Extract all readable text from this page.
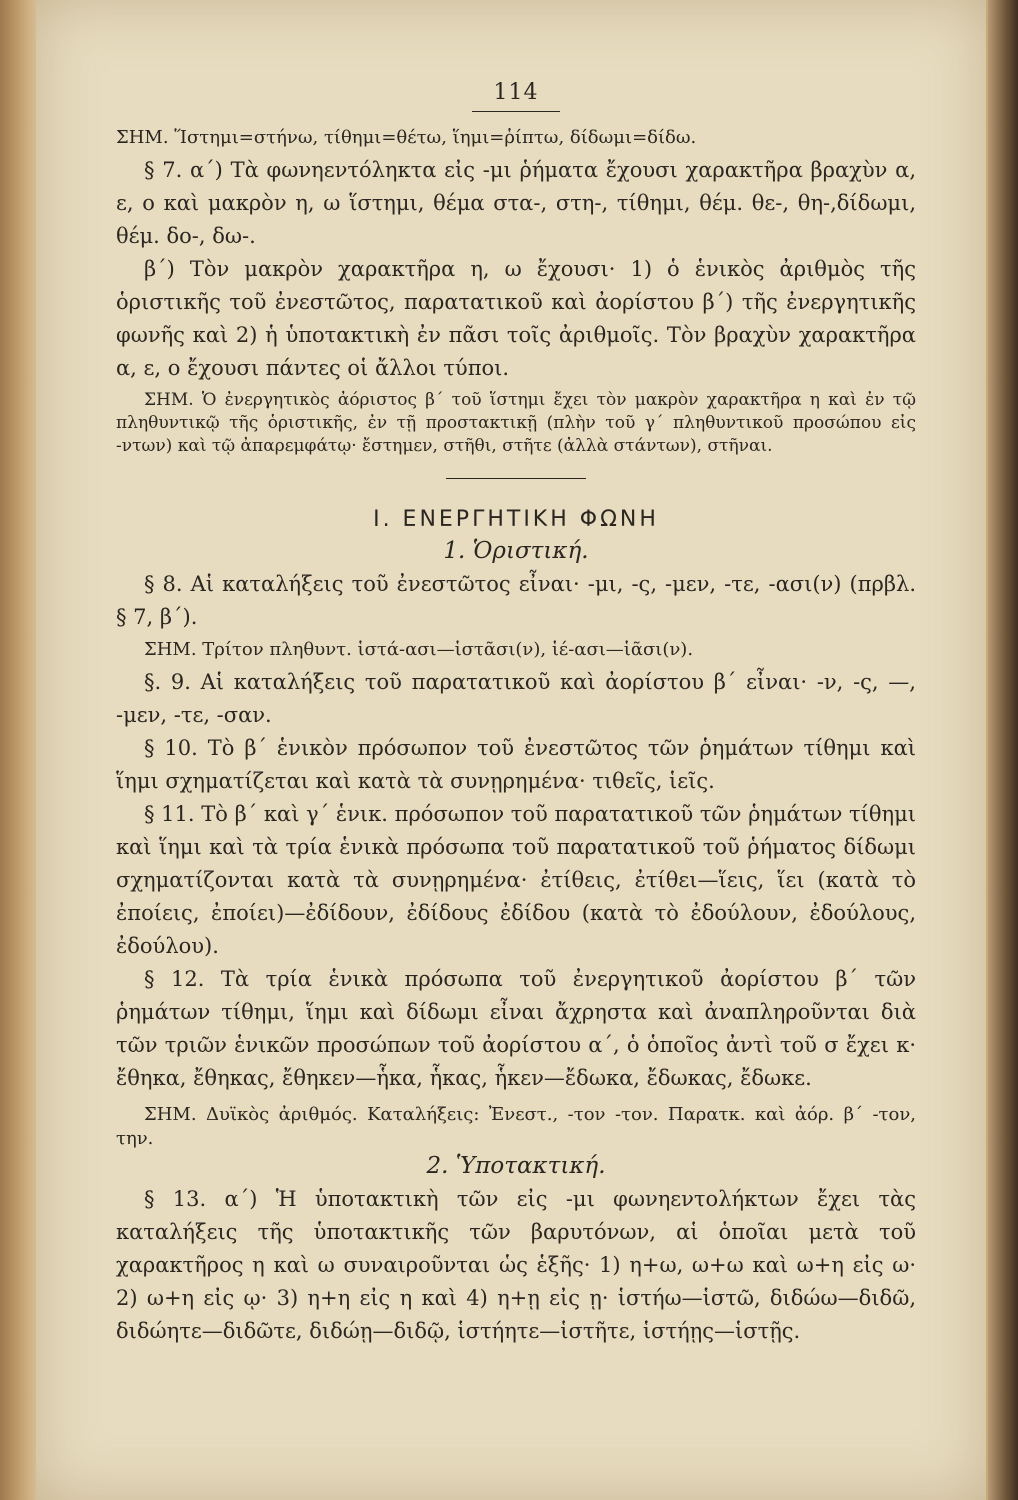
114

ΣΗΜ. Ἵστημι=στήνω, τίθημι=θέτω, ἵημι=ῥίπτω, δίδωμι=δίδω.

§ 7. α΄) Τὰ φωνηεντόληκτα εἰς -μι ῥήματα ἔχουσι χαρακτῆρα βραχὺν α, ε, ο καὶ μακρὸν η, ω ἵστημι, θέμα στα-, στη-, τίθημι, θέμ. θε-, θη-,δίδωμι, θέμ. δο-, δω-.

β΄) Τὸν μακρὸν χαρακτῆρα η, ω ἔχουσι· 1) ὁ ἑνικὸς ἀριθμὸς τῆς ὁριστικῆς τοῦ ἐνεστῶτος, παρατατικοῦ καὶ ἀορίστου β΄) τῆς ἐνεργητικῆς φωνῆς καὶ 2) ἡ ὑποτακτικὴ ἐν πᾶσι τοῖς ἀριθμοῖς. Τὸν βραχὺν χαρακτῆρα α, ε, ο ἔχουσι πάντες οἱ ἄλλοι τύποι.

ΣΗΜ. Ὁ ἐνεργητικὸς ἀόριστος β΄ τοῦ ἵστημι ἔχει τὸν μακρὸν χαρακτῆρα η καὶ ἐν τῷ πληθυντικῷ τῆς ὁριστικῆς, ἐν τῇ προστακτικῇ (πλὴν τοῦ γ΄ πληθυντικοῦ προσώπου εἰς -ντων) καὶ τῷ ἀπαρεμφάτῳ· ἔστημεν, στῆθι, στῆτε (ἀλλὰ στάντων), στῆναι.

I. ΕΝΕΡΓΗΤΙΚΗ ΦΩΝΗ
1. Ὁριστική.

§ 8. Αἱ καταλήξεις τοῦ ἐνεστῶτος εἶναι· -μι, -ς, -μεν, -τε, -ασι(ν) (πρβλ. § 7, β΄).

ΣΗΜ. Τρίτον πληθυντ. ἱστά-ασι—ἱστᾶσι(ν), ἱέ-ασι—ἱᾶσι(ν).

§. 9. Αἱ καταλήξεις τοῦ παρατατικοῦ καὶ ἀορίστου β΄ εἶναι· -ν, -ς, —, -μεν, -τε, -σαν.

§ 10. Τὸ β΄ ἑνικὸν πρόσωπον τοῦ ἐνεστῶτος τῶν ῥημάτων τίθημι καὶ ἵημι σχηματίζεται καὶ κατὰ τὰ συνῃρημένα· τιθεῖς, ἱεῖς.

§ 11. Τὸ β΄ καὶ γ΄ ἑνικ. πρόσωπον τοῦ παρατατικοῦ τῶν ῥημάτων τίθημι καὶ ἵημι καὶ τὰ τρία ἑνικὰ πρόσωπα τοῦ παρατατικοῦ τοῦ ῥήματος δίδωμι σχηματίζονται κατὰ τὰ συνῃρημένα· ἐτίθεις, ἐτίθει—ἵεις, ἵει (κατὰ τὸ ἐποίεις, ἐποίει)—ἐδίδουν, ἐδίδους ἐδίδου (κατὰ τὸ ἐδούλουν, ἐδούλους, ἐδούλου).

§ 12. Τὰ τρία ἑνικὰ πρόσωπα τοῦ ἐνεργητικοῦ ἀορίστου β΄ τῶν ῥημάτων τίθημι, ἵημι καὶ δίδωμι εἶναι ἄχρηστα καὶ ἀναπληροῦνται διὰ τῶν τριῶν ἑνικῶν προσώπων τοῦ ἀορίστου α΄, ὁ ὁποῖος ἀντὶ τοῦ σ ἔχει κ· ἔθηκα, ἔθηκας, ἔθηκεν—ἧκα, ἧκας, ἧκεν—ἔδωκα, ἔδωκας, ἔδωκε.

ΣΗΜ. Δυϊκὸς ἀριθμός. Καταλήξεις: Ἐνεστ., -τον -τον. Παρατκ. καὶ ἀόρ. β΄ -τον, την.

2. Ὑποτακτική.

§ 13. α΄) Ἡ ὑποτακτικὴ τῶν εἰς -μι φωνηεντολήκτων ἔχει τὰς καταλήξεις τῆς ὑποτακτικῆς τῶν βαρυτόνων, αἱ ὁποῖαι μετὰ τοῦ χαρακτῆρος η καὶ ω συναιροῦνται ὡς ἑξῆς· 1) η+ω, ω+ω καὶ ω+η εἰς ω· 2) ω+η εἰς ῳ· 3) η+η εἰς η καὶ 4) η+ῃ εἰς ῃ· ἱστήω—ἱστῶ, διδώω—διδῶ, διδώητε—διδῶτε, διδώῃ—διδῷ, ἱστήητε—ἱστῆτε, ἱστήῃς—ἱστῇς.
